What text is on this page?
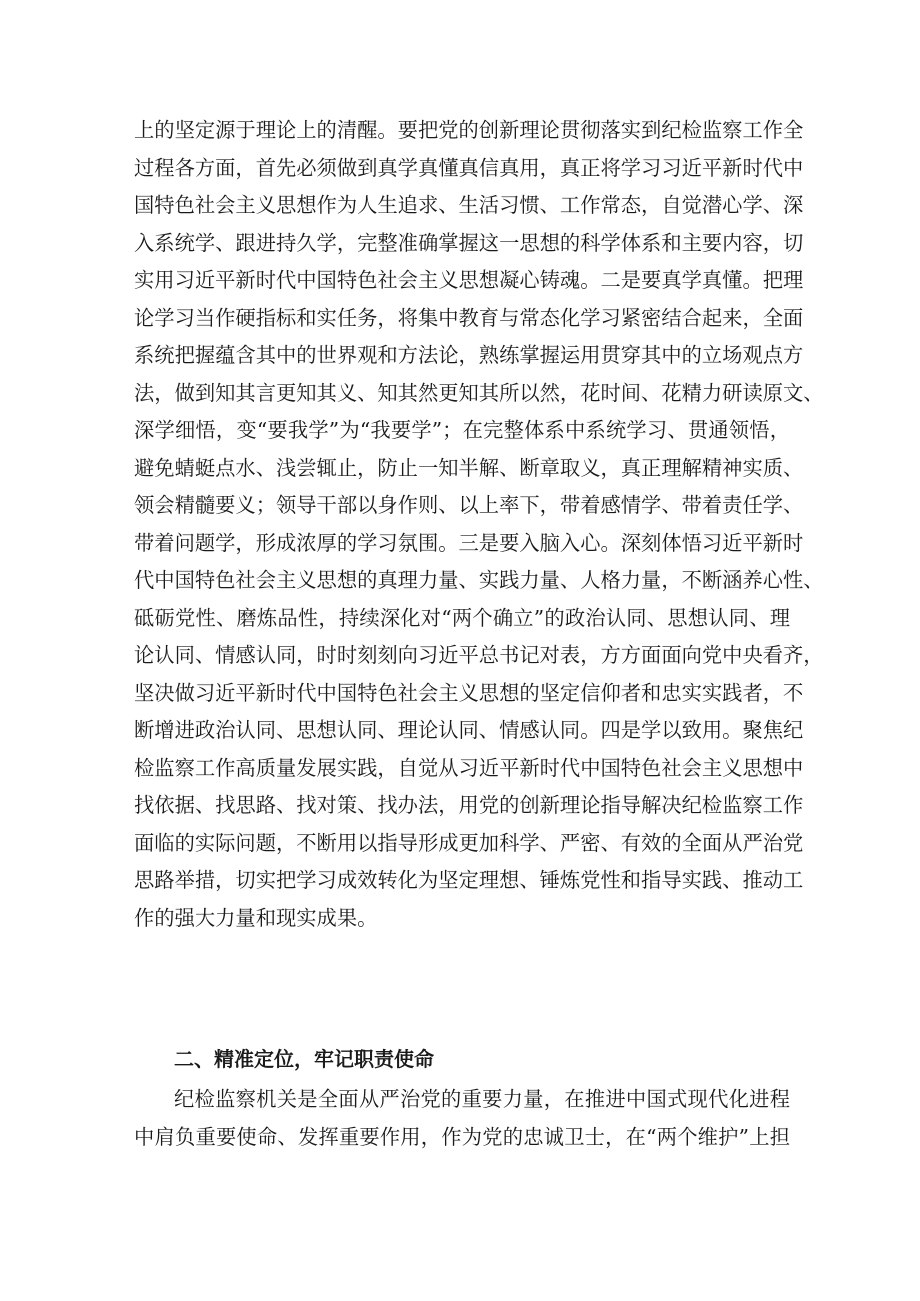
上的坚定源于理论上的清醒。要把党的创新理论贯彻落实到纪检监察工作全
过程各方面，首先必须做到真学真懂真信真用，真正将学习习近平新时代中
国特色社会主义思想作为人生追求、生活习惯、工作常态，自觉潜心学、深
入系统学、跟进持久学，完整准确掌握这一思想的科学体系和主要内容，切
实用习近平新时代中国特色社会主义思想凝心铸魂。二是要真学真懂。把理
论学习当作硬指标和实任务，将集中教育与常态化学习紧密结合起来，全面
系统把握蕴含其中的世界观和方法论，熟练掌握运用贯穿其中的立场观点方
法，做到知其言更知其义、知其然更知其所以然，花时间、花精力研读原文、
深学细悟，变“要我学”为“我要学”；在完整体系中系统学习、贯通领悟，
避免蜻蜓点水、浅尝辄止，防止一知半解、断章取义，真正理解精神实质、
领会精髓要义；领导干部以身作则、以上率下，带着感情学、带着责任学、
带着问题学，形成浓厚的学习氛围。三是要入脑入心。深刻体悟习近平新时
代中国特色社会主义思想的真理力量、实践力量、人格力量，不断涵养心性、
砥砺党性、磨炼品性，持续深化对“两个确立”的政治认同、思想认同、理
论认同、情感认同，时时刻刻向习近平总书记对表，方方面面向党中央看齐，
坚决做习近平新时代中国特色社会主义思想的坚定信仰者和忠实实践者，不
断增进政治认同、思想认同、理论认同、情感认同。四是学以致用。聚焦纪
检监察工作高质量发展实践，自觉从习近平新时代中国特色社会主义思想中
找依据、找思路、找对策、找办法，用党的创新理论指导解决纪检监察工作
面临的实际问题，不断用以指导形成更加科学、严密、有效的全面从严治党
思路举措，切实把学习成效转化为坚定理想、锤炼党性和指导实践、推动工
作的强大力量和现实成果。
二、精准定位，牢记职责使命
纪检监察机关是全面从严治党的重要力量，在推进中国式现代化进程
中肩负重要使命、发挥重要作用，作为党的忠诚卫士，在“两个维护”上担
